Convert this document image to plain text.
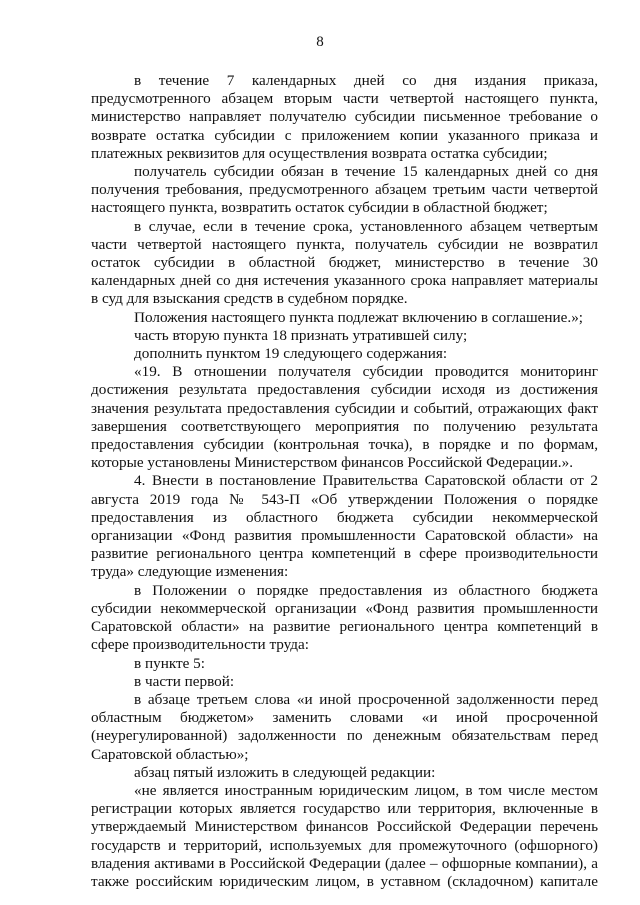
8

в течение 7 календарных дней со дня издания приказа, предусмотренного абзацем вторым части четвертой настоящего пункта, министерство направляет получателю субсидии письменное требование о возврате остатка субсидии с приложением копии указанного приказа и платежных реквизитов для осуществления возврата остатка субсидии;

получатель субсидии обязан в течение 15 календарных дней со дня получения требования, предусмотренного абзацем третьим части четвертой настоящего пункта, возвратить остаток субсидии в областной бюджет;

в случае, если в течение срока, установленного абзацем четвертым части четвертой настоящего пункта, получатель субсидии не возвратил остаток субсидии в областной бюджет, министерство в течение 30 календарных дней со дня истечения указанного срока направляет материалы в суд для взыскания средств в судебном порядке.

Положения настоящего пункта подлежат включению в соглашение.»;

часть вторую пункта 18 признать утратившей силу;

дополнить пунктом 19 следующего содержания:

«19. В отношении получателя субсидии проводится мониторинг достижения результата предоставления субсидии исходя из достижения значения результата предоставления субсидии и событий, отражающих факт завершения соответствующего мероприятия по получению результата предоставления субсидии (контрольная точка), в порядке и по формам, которые установлены Министерством финансов Российской Федерации.».

4. Внести в постановление Правительства Саратовской области от 2 августа 2019 года № 543-П «Об утверждении Положения о порядке предоставления из областного бюджета субсидии некоммерческой организации «Фонд развития промышленности Саратовской области» на развитие регионального центра компетенций в сфере производительности труда» следующие изменения:

в Положении о порядке предоставления из областного бюджета субсидии некоммерческой организации «Фонд развития промышленности Саратовской области» на развитие регионального центра компетенций в сфере производительности труда:

в пункте 5:

в части первой:

в абзаце третьем слова «и иной просроченной задолженности перед областным бюджетом» заменить словами «и иной просроченной (неурегулированной) задолженности по денежным обязательствам перед Саратовской областью»;

абзац пятый изложить в следующей редакции:

«не является иностранным юридическим лицом, в том числе местом регистрации которых является государство или территория, включенные в утверждаемый Министерством финансов Российской Федерации перечень государств и территорий, используемых для промежуточного (офшорного) владения активами в Российской Федерации (далее – офшорные компании), а также российским юридическим лицом, в уставном (складочном) капитале
